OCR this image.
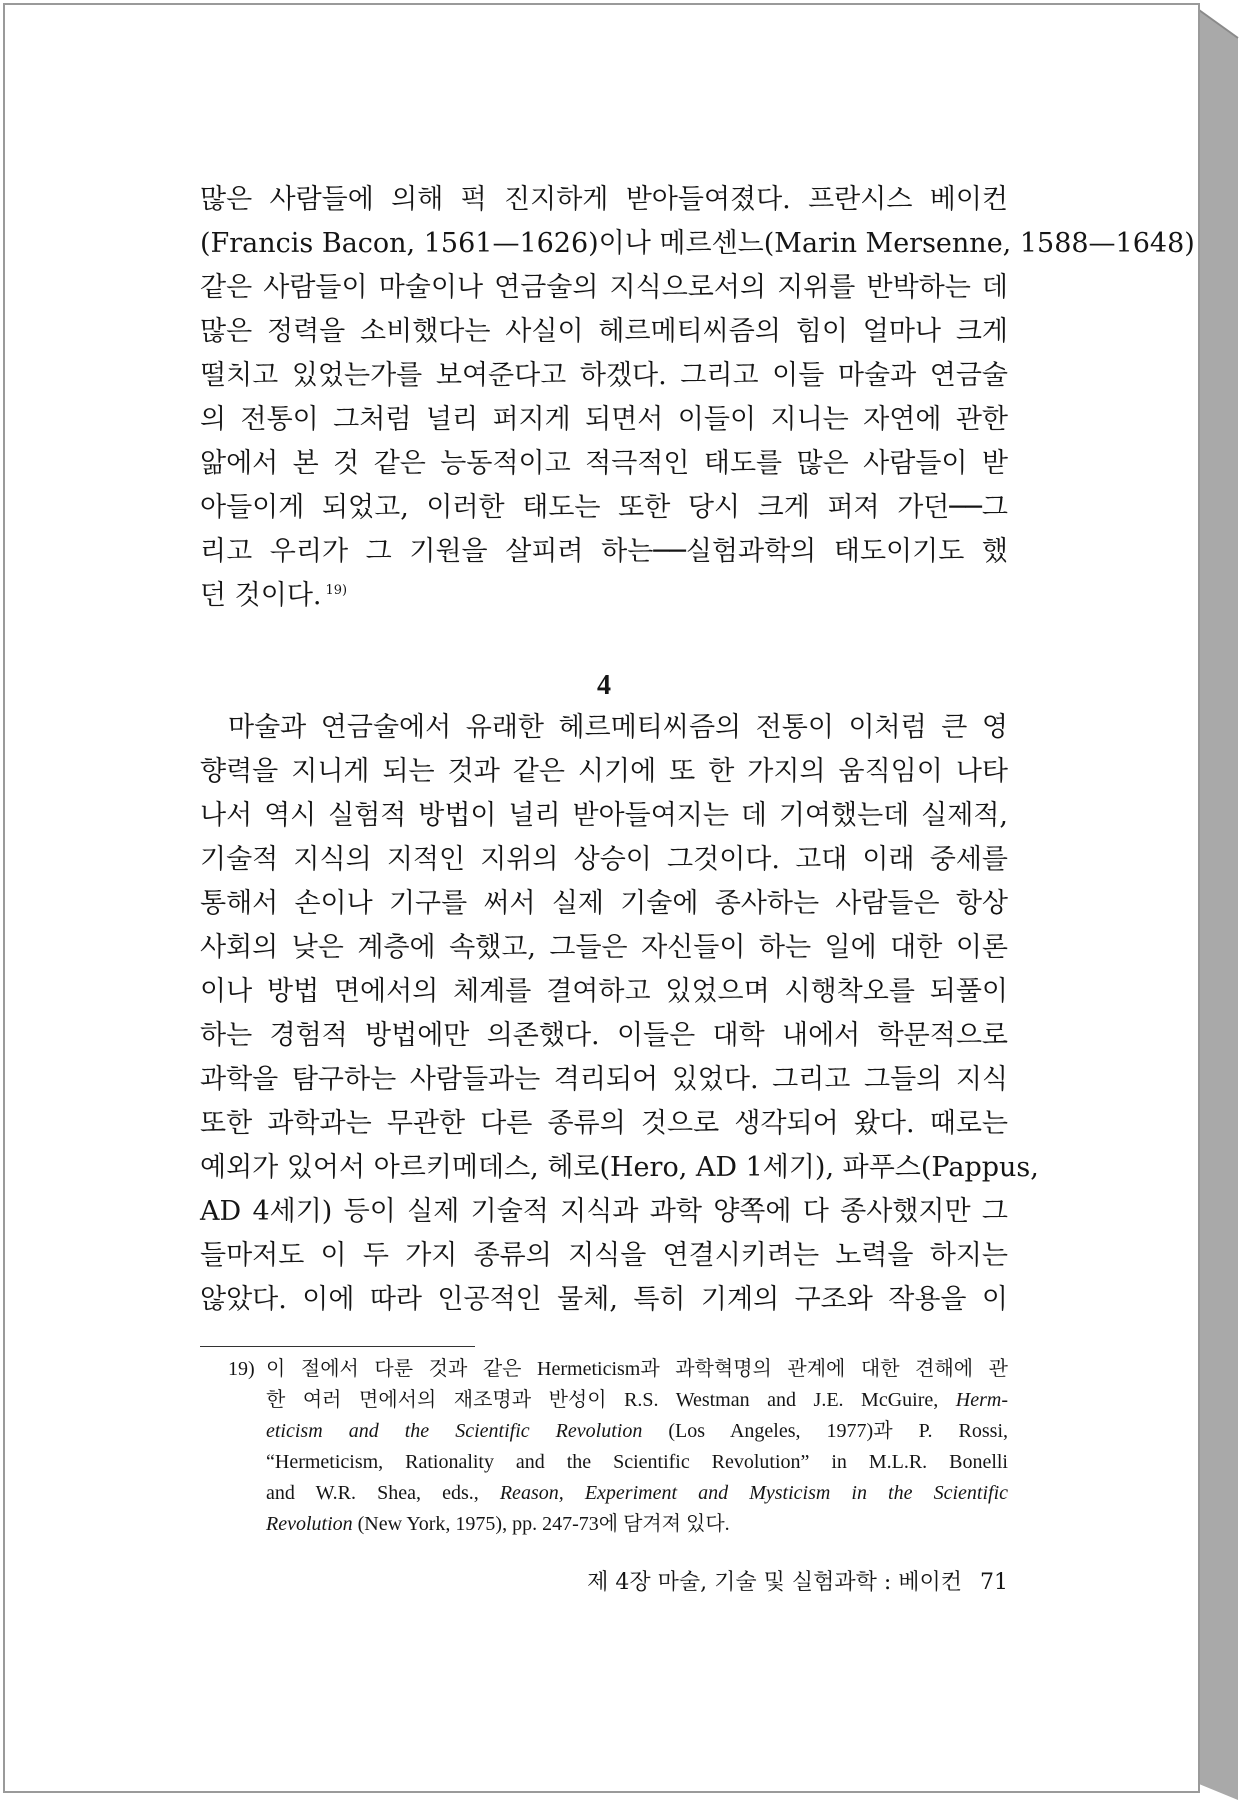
많은 사람들에 의해 퍽 진지하게 받아들여졌다. 프란시스 베이컨
(Francis Bacon, 1561—1626)이나 메르센느(Marin Mersenne, 1588—1648)
같은 사람들이 마술이나 연금술의 지식으로서의 지위를 반박하는 데
많은 정력을 소비했다는 사실이 헤르메티씨즘의 힘이 얼마나 크게
떨치고 있었는가를 보여준다고 하겠다. 그리고 이들 마술과 연금술
의 전통이 그처럼 널리 퍼지게 되면서 이들이 지니는 자연에 관한
앎에서 본 것 같은 능동적이고 적극적인 태도를 많은 사람들이 받
아들이게 되었고, 이러한 태도는 또한 당시 크게 퍼져 가던──그
리고 우리가 그 기원을 살피려 하는──실험과학의 태도이기도 했
던 것이다. $^{19)}$
4
마술과 연금술에서 유래한 헤르메티씨즘의 전통이 이처럼 큰 영
향력을 지니게 되는 것과 같은 시기에 또 한 가지의 움직임이 나타
나서 역시 실험적 방법이 널리 받아들여지는 데 기여했는데 실제적,
기술적 지식의 지적인 지위의 상승이 그것이다. 고대 이래 중세를
통해서 손이나 기구를 써서 실제 기술에 종사하는 사람들은 항상
사회의 낮은 계층에 속했고, 그들은 자신들이 하는 일에 대한 이론
이나 방법 면에서의 체계를 결여하고 있었으며 시행착오를 되풀이
하는 경험적 방법에만 의존했다. 이들은 대학 내에서 학문적으로
과학을 탐구하는 사람들과는 격리되어 있었다. 그리고 그들의 지식
또한 과학과는 무관한 다른 종류의 것으로 생각되어 왔다. 때로는
예외가 있어서 아르키메데스, 헤로(Hero, AD 1세기), 파푸스(Pappus,
AD 4세기) 등이 실제 기술적 지식과 과학 양쪽에 다 종사했지만 그
들마저도 이 두 가지 종류의 지식을 연결시키려는 노력을 하지는
않았다. 이에 따라 인공적인 물체, 특히 기계의 구조와 작용을 이
19) 이 절에서 다룬 것과 같은 Hermeticism과 과학혁명의 관계에 대한 견해에 관
한 여러 면에서의 재조명과 반성이 R.S. Westman and J.E. McGuire, Herm-
eticism and the Scientific Revolution (Los Angeles, 1977)과 P. Rossi,
“Hermeticism, Rationality and the Scientific Revolution” in M.L.R. Bonelli
and W.R. Shea, eds., Reason, Experiment and Mysticism in the Scientific
Revolution (New York, 1975), pp. 247-73에 담겨져 있다.
제 4장 마술, 기술 및 실험과학 : 베이컨 71
